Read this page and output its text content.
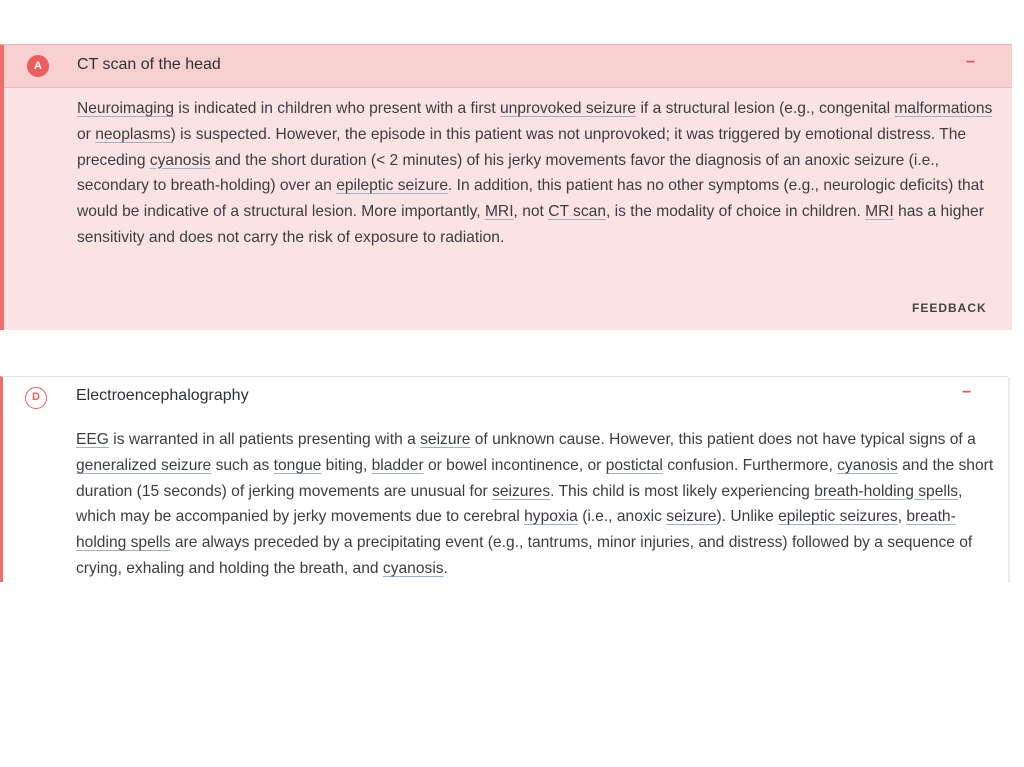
A	CT scan of the head	−

Neuroimaging is indicated in children who present with a first unprovoked seizure if a structural lesion (e.g., congenital malformations or neoplasms) is suspected. However, the episode in this patient was not unprovoked; it was triggered by emotional distress. The preceding cyanosis and the short duration (< 2 minutes) of his jerky movements favor the diagnosis of an anoxic seizure (i.e., secondary to breath-holding) over an epileptic seizure. In addition, this patient has no other symptoms (e.g., neurologic deficits) that would be indicative of a structural lesion. More importantly, MRI, not CT scan, is the modality of choice in children. MRI has a higher sensitivity and does not carry the risk of exposure to radiation.

FEEDBACK
D	Electroencephalography	−

EEG is warranted in all patients presenting with a seizure of unknown cause. However, this patient does not have typical signs of a generalized seizure such as tongue biting, bladder or bowel incontinence, or postictal confusion. Furthermore, cyanosis and the short duration (15 seconds) of jerking movements are unusual for seizures. This child is most likely experiencing breath-holding spells, which may be accompanied by jerky movements due to cerebral hypoxia (i.e., anoxic seizure). Unlike epileptic seizures, breath-holding spells are always preceded by a precipitating event (e.g., tantrums, minor injuries, and distress) followed by a sequence of crying, exhaling and holding the breath, and cyanosis.
